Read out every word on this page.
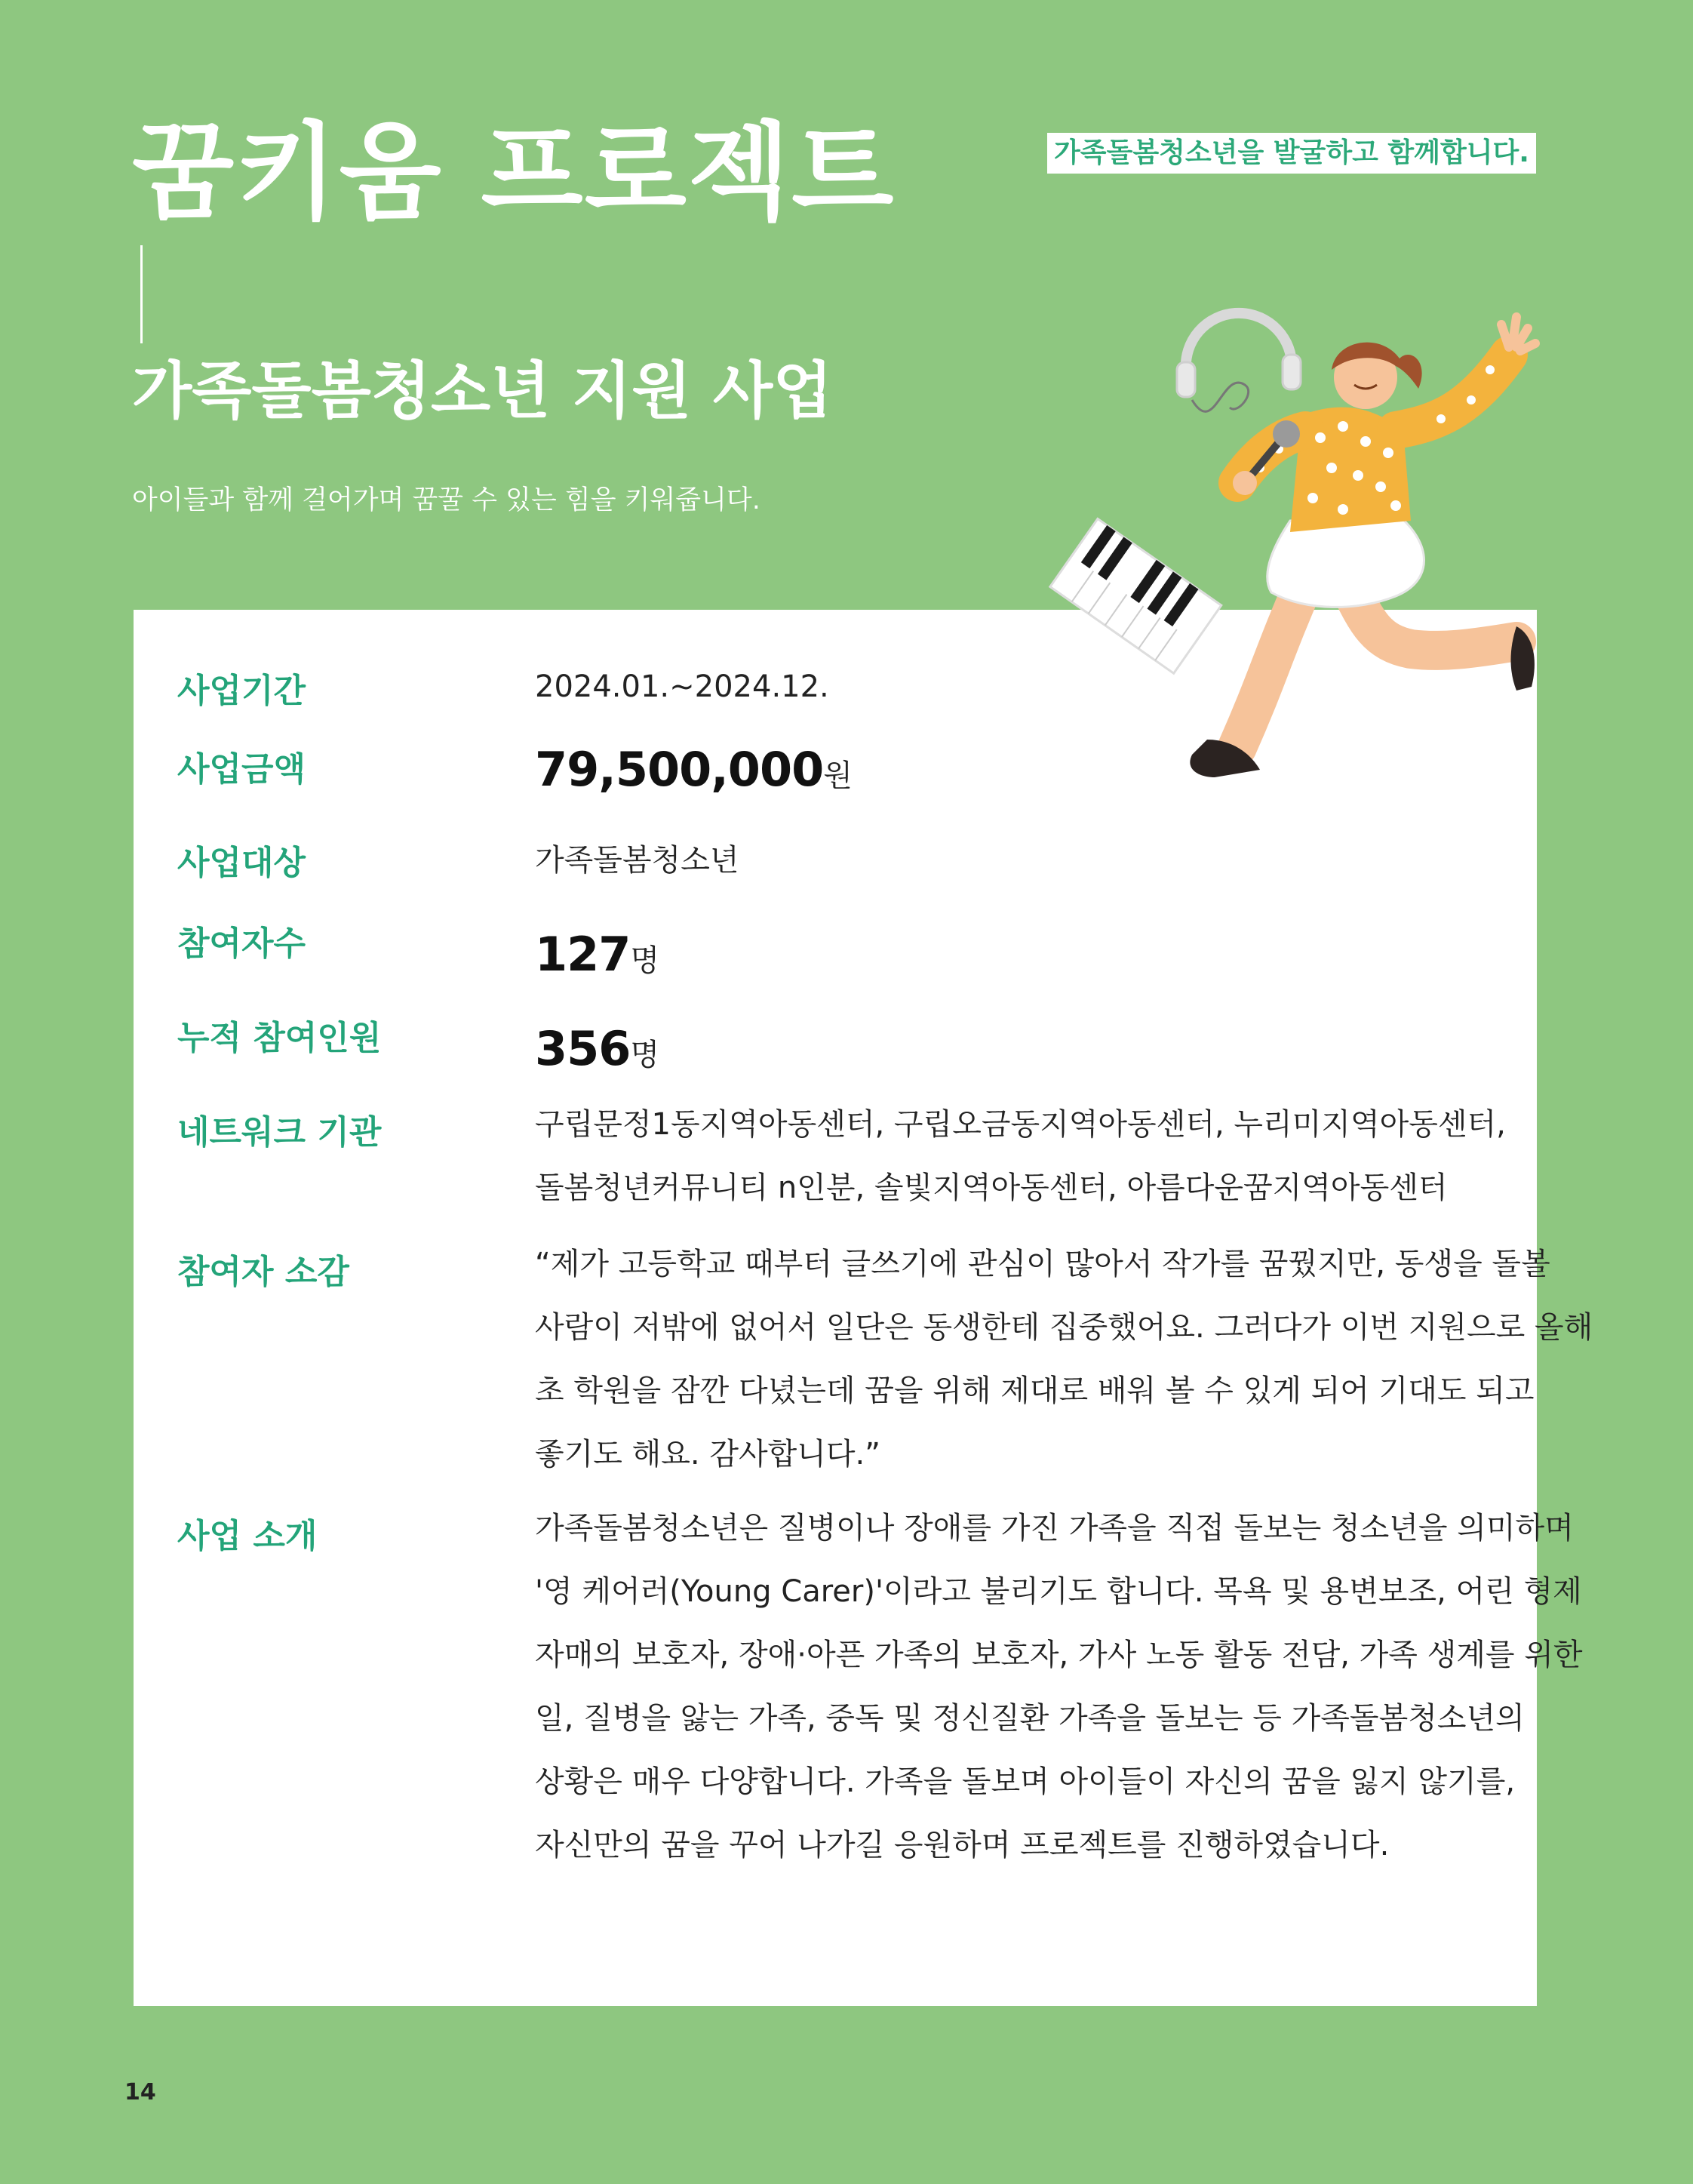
꿈키움 프로젝트
가족돌봄청소년 지원 사업
아이들과 함께 걸어가며 꿈꿀 수 있는 힘을 키워줍니다.
가족돌봄청소년을 발굴하고 함께합니다.
사업기간	2024.01.~2024.12.
사업금액	79,500,000원
사업대상	가족돌봄청소년
참여자수	127명
누적 참여인원	356명
네트워크 기관	구립문정1동지역아동센터, 구립오금동지역아동센터, 누리미지역아동센터, 돌봄청년커뮤니티 n인분, 솔빛지역아동센터, 아름다운꿈지역아동센터
참여자 소감	“제가 고등학교 때부터 글쓰기에 관심이 많아서 작가를 꿈꿨지만, 동생을 돌볼 사람이 저밖에 없어서 일단은 동생한테 집중했어요. 그러다가 이번 지원으로 올해 초 학원을 잠깐 다녔는데 꿈을 위해 제대로 배워 볼 수 있게 되어 기대도 되고 좋기도 해요. 감사합니다.”
사업 소개	가족돌봄청소년은 질병이나 장애를 가진 가족을 직접 돌보는 청소년을 의미하며 '영 케어러(Young Carer)'이라고 불리기도 합니다. 목욕 및 용변보조, 어린 형제 자매의 보호자, 장애·아픈 가족의 보호자, 가사 노동 활동 전담, 가족 생계를 위한 일, 질병을 앓는 가족, 중독 및 정신질환 가족을 돌보는 등 가족돌봄청소년의 상황은 매우 다양합니다. 가족을 돌보며 아이들이 자신의 꿈을 잃지 않기를, 자신만의 꿈을 꾸어 나가길 응원하며 프로젝트를 진행하였습니다.
14
